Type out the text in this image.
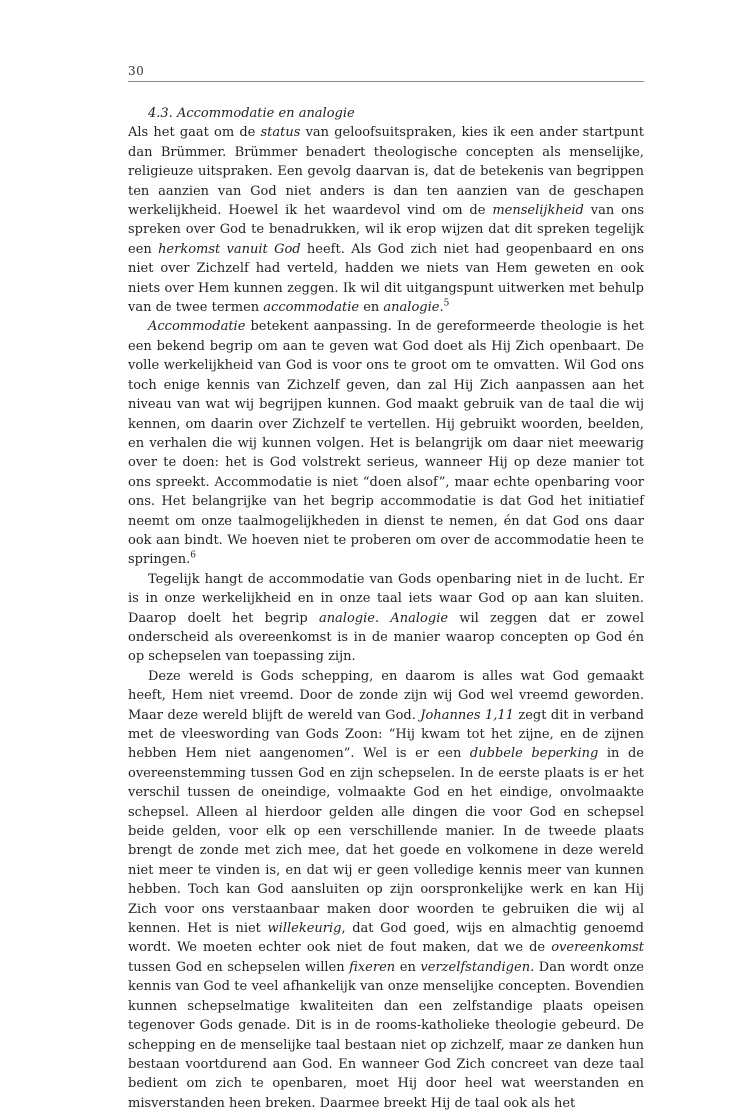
30

4.3. Accommodatie en analogie

Als het gaat om de status van geloofsuitspraken, kies ik een ander startpunt dan Brümmer. Brümmer benadert theologische concepten als menselijke, religieuze uitspraken. Een gevolg daarvan is, dat de betekenis van begrippen ten aanzien van God niet anders is dan ten aanzien van de geschapen werkelijkheid. Hoewel ik het waardevol vind om de menselijkheid van ons spreken over God te benadrukken, wil ik erop wijzen dat dit spreken tegelijk een herkomst vanuit God heeft. Als God zich niet had geopenbaard en ons niet over Zichzelf had verteld, hadden we niets van Hem geweten en ook niets over Hem kunnen zeggen. Ik wil dit uitgangspunt uitwerken met behulp van de twee termen accommodatie en analogie.$^5$

Accommodatie betekent aanpassing. In de gereformeerde theologie is het een bekend begrip om aan te geven wat God doet als Hij Zich openbaart. De volle werkelijkheid van God is voor ons te groot om te omvatten. Wil God ons toch enige kennis van Zichzelf geven, dan zal Hij Zich aanpassen aan het niveau van wat wij begrijpen kunnen. God maakt gebruik van de taal die wij kennen, om daarin over Zichzelf te vertellen. Hij gebruikt woorden, beelden, en verhalen die wij kunnen volgen. Het is belangrijk om daar niet meewarig over te doen: het is God volstrekt serieus, wanneer Hij op deze manier tot ons spreekt. Accommodatie is niet “doen alsof”, maar echte openbaring voor ons. Het belangrijke van het begrip accommodatie is dat God het initiatief neemt om onze taalmogelijkheden in dienst te nemen, én dat God ons daar ook aan bindt. We hoeven niet te proberen om over de accommodatie heen te springen.$^6$

Tegelijk hangt de accommodatie van Gods openbaring niet in de lucht. Er is in onze werkelijkheid en in onze taal iets waar God op aan kan sluiten. Daarop doelt het begrip analogie. Analogie wil zeggen dat er zowel onderscheid als overeenkomst is in de manier waarop concepten op God én op schepselen van toepassing zijn.

Deze wereld is Gods schepping, en daarom is alles wat God gemaakt heeft, Hem niet vreemd. Door de zonde zijn wij God wel vreemd geworden. Maar deze wereld blijft de wereld van God. Johannes 1,11 zegt dit in verband met de vleeswording van Gods Zoon: “Hij kwam tot het zijne, en de zijnen hebben Hem niet aangenomen”. Wel is er een dubbele beperking in de overeenstemming tussen God en zijn schepselen. In de eerste plaats is er het verschil tussen de oneindige, volmaakte God en het eindige, onvolmaakte schepsel. Alleen al hierdoor gelden alle dingen die voor God en schepsel beide gelden, voor elk op een verschillende manier. In de tweede plaats brengt de zonde met zich mee, dat het goede en volkomene in deze wereld niet meer te vinden is, en dat wij er geen volledige kennis meer van kunnen hebben. Toch kan God aansluiten op zijn oorspronkelijke werk en kan Hij Zich voor ons verstaanbaar maken door woorden te gebruiken die wij al kennen. Het is niet willekeurig, dat God goed, wijs en almachtig genoemd wordt. We moeten echter ook niet de fout maken, dat we de overeenkomst tussen God en schepselen willen fixeren en verzelfstandigen. Dan wordt onze kennis van God te veel afhankelijk van onze menselijke concepten. Bovendien kunnen schepselmatige kwaliteiten dan een zelfstandige plaats opeisen tegenover Gods genade. Dit is in de rooms-katholieke theologie gebeurd. De schepping en de menselijke taal bestaan niet op zichzelf, maar ze danken hun bestaan voortdurend aan God. En wanneer God Zich concreet van deze taal bedient om zich te openbaren, moet Hij door heel wat weerstanden en misverstanden heen breken. Daarmee breekt Hij de taal ook als het
